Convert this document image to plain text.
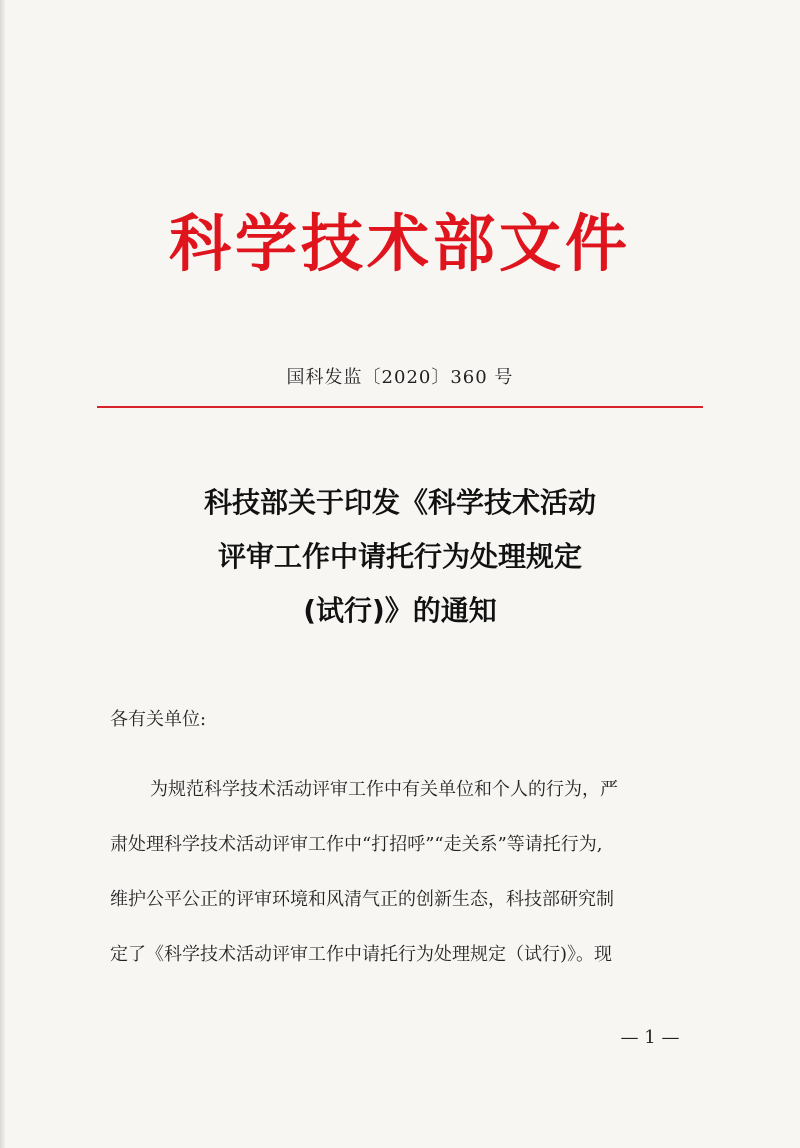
科学技术部文件
国科发监〔2020〕360 号
科技部关于印发《科学技术活动
评审工作中请托行为处理规定
(试行)》的通知
各有关单位:
为规范科学技术活动评审工作中有关单位和个人的行为，严
肃处理科学技术活动评审工作中“打招呼”“走关系”等请托行为,
维护公平公正的评审环境和风清气正的创新生态，科技部研究制
定了《科学技术活动评审工作中请托行为处理规定（试行)》。现
— 1 —
